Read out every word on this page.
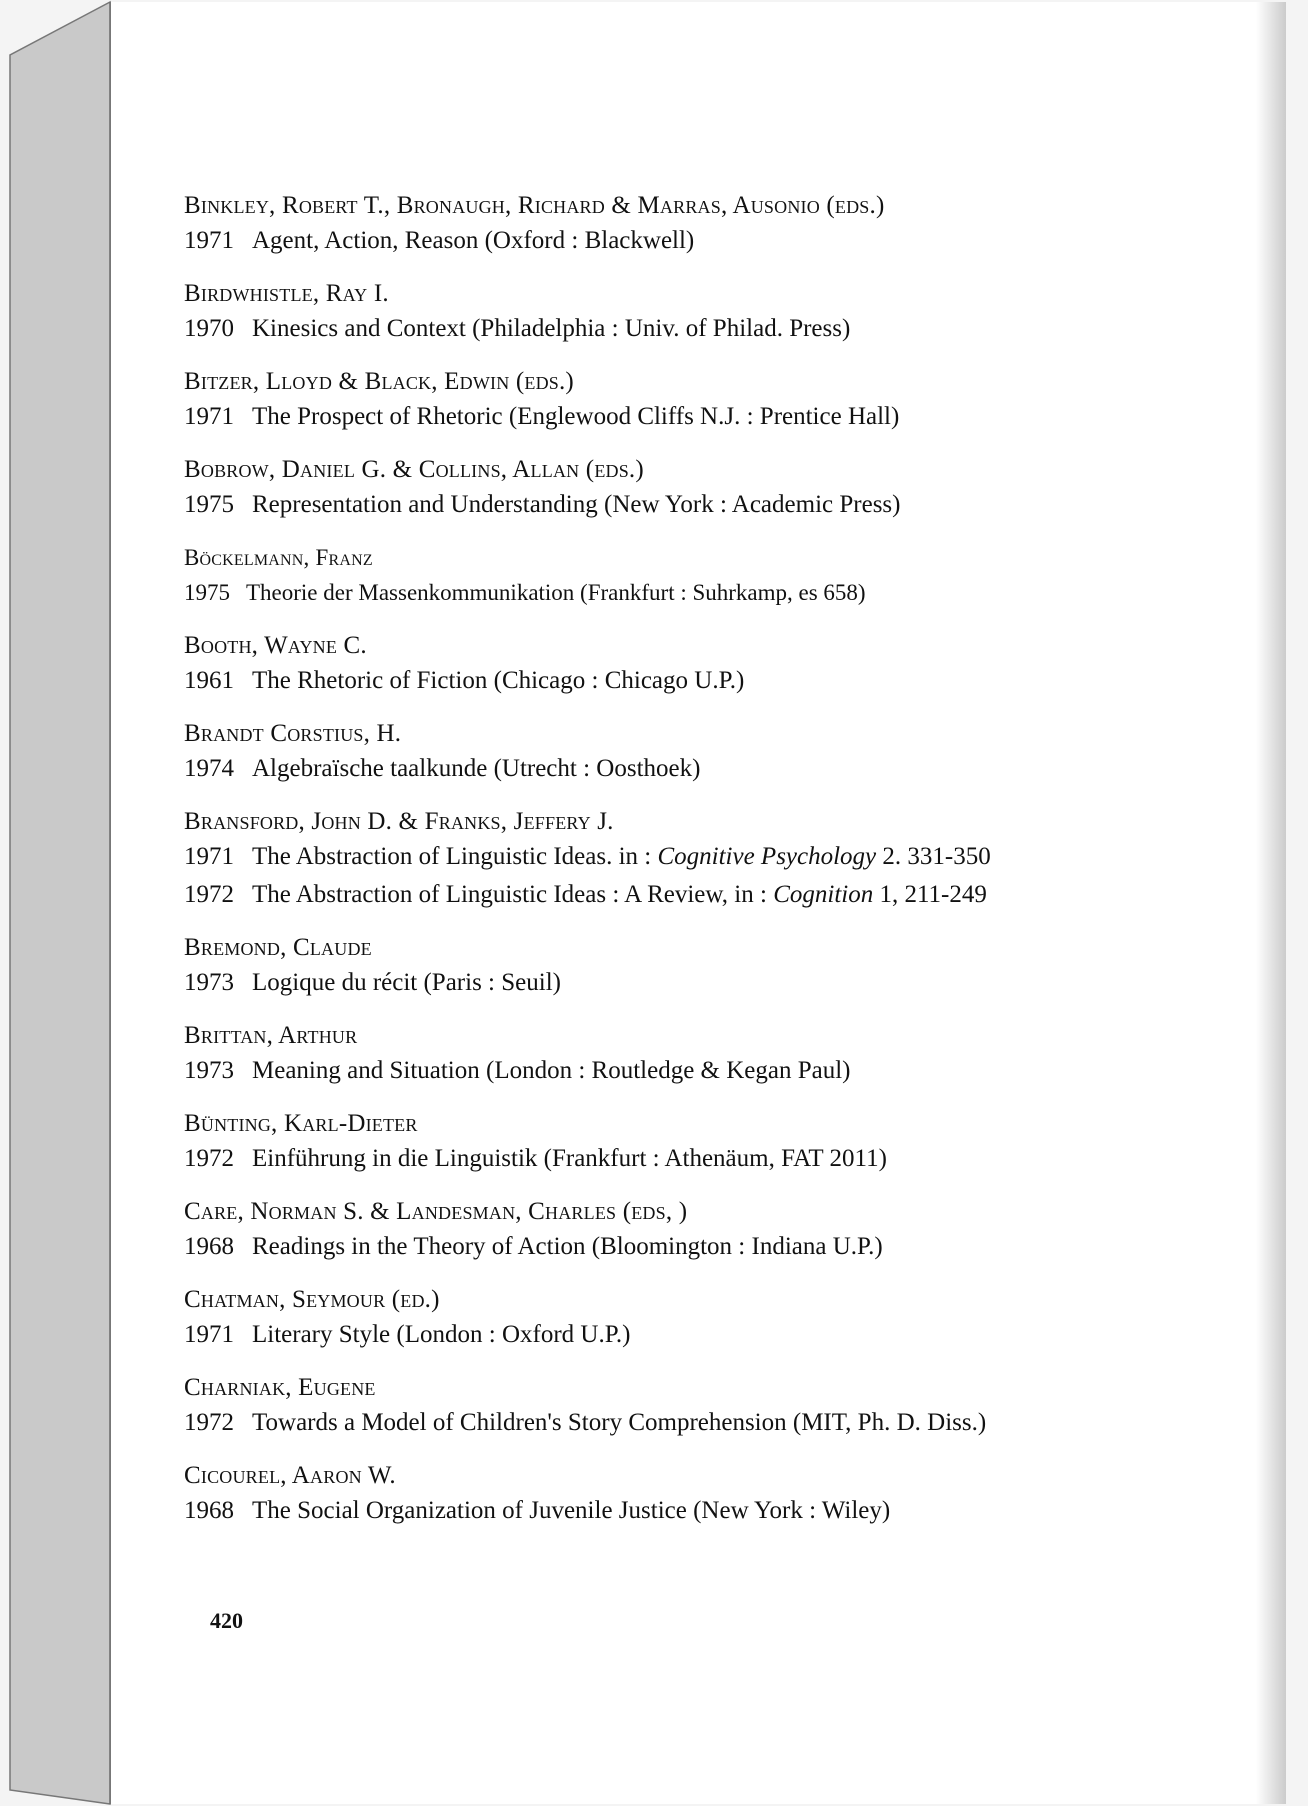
Binkley, Robert T., Bronaugh, Richard & Marras, Ausonio (eds.)
1971 Agent, Action, Reason (Oxford : Blackwell)
Birdwhistle, Ray I.
1970 Kinesics and Context (Philadelphia : Univ. of Philad. Press)
Bitzer, Lloyd & Black, Edwin (eds.)
1971 The Prospect of Rhetoric (Englewood Cliffs N.J. : Prentice Hall)
Bobrow, Daniel G. & Collins, Allan (eds.)
1975 Representation and Understanding (New York : Academic Press)
Böckelmann, Franz
1975 Theorie der Massenkommunikation (Frankfurt : Suhrkamp, es 658)
Booth, Wayne C.
1961 The Rhetoric of Fiction (Chicago : Chicago U.P.)
Brandt Corstius, H.
1974 Algebraïsche taalkunde (Utrecht : Oosthoek)
Bransford, John D. & Franks, Jeffery J.
1971 The Abstraction of Linguistic Ideas. in : Cognitive Psychology 2. 331-350
1972 The Abstraction of Linguistic Ideas : A Review, in : Cognition 1, 211-249
Bremond, Claude
1973 Logique du récit (Paris : Seuil)
Brittan, Arthur
1973 Meaning and Situation (London : Routledge & Kegan Paul)
Bünting, Karl-Dieter
1972 Einführung in die Linguistik (Frankfurt : Athenäum, FAT 2011)
Care, Norman S. & Landesman, Charles (eds, )
1968 Readings in the Theory of Action (Bloomington : Indiana U.P.)
Chatman, Seymour (ed.)
1971 Literary Style (London : Oxford U.P.)
Charniak, Eugene
1972 Towards a Model of Children's Story Comprehension (MIT, Ph. D. Diss.)
Cicourel, Aaron W.
1968 The Social Organization of Juvenile Justice (New York : Wiley)
420
